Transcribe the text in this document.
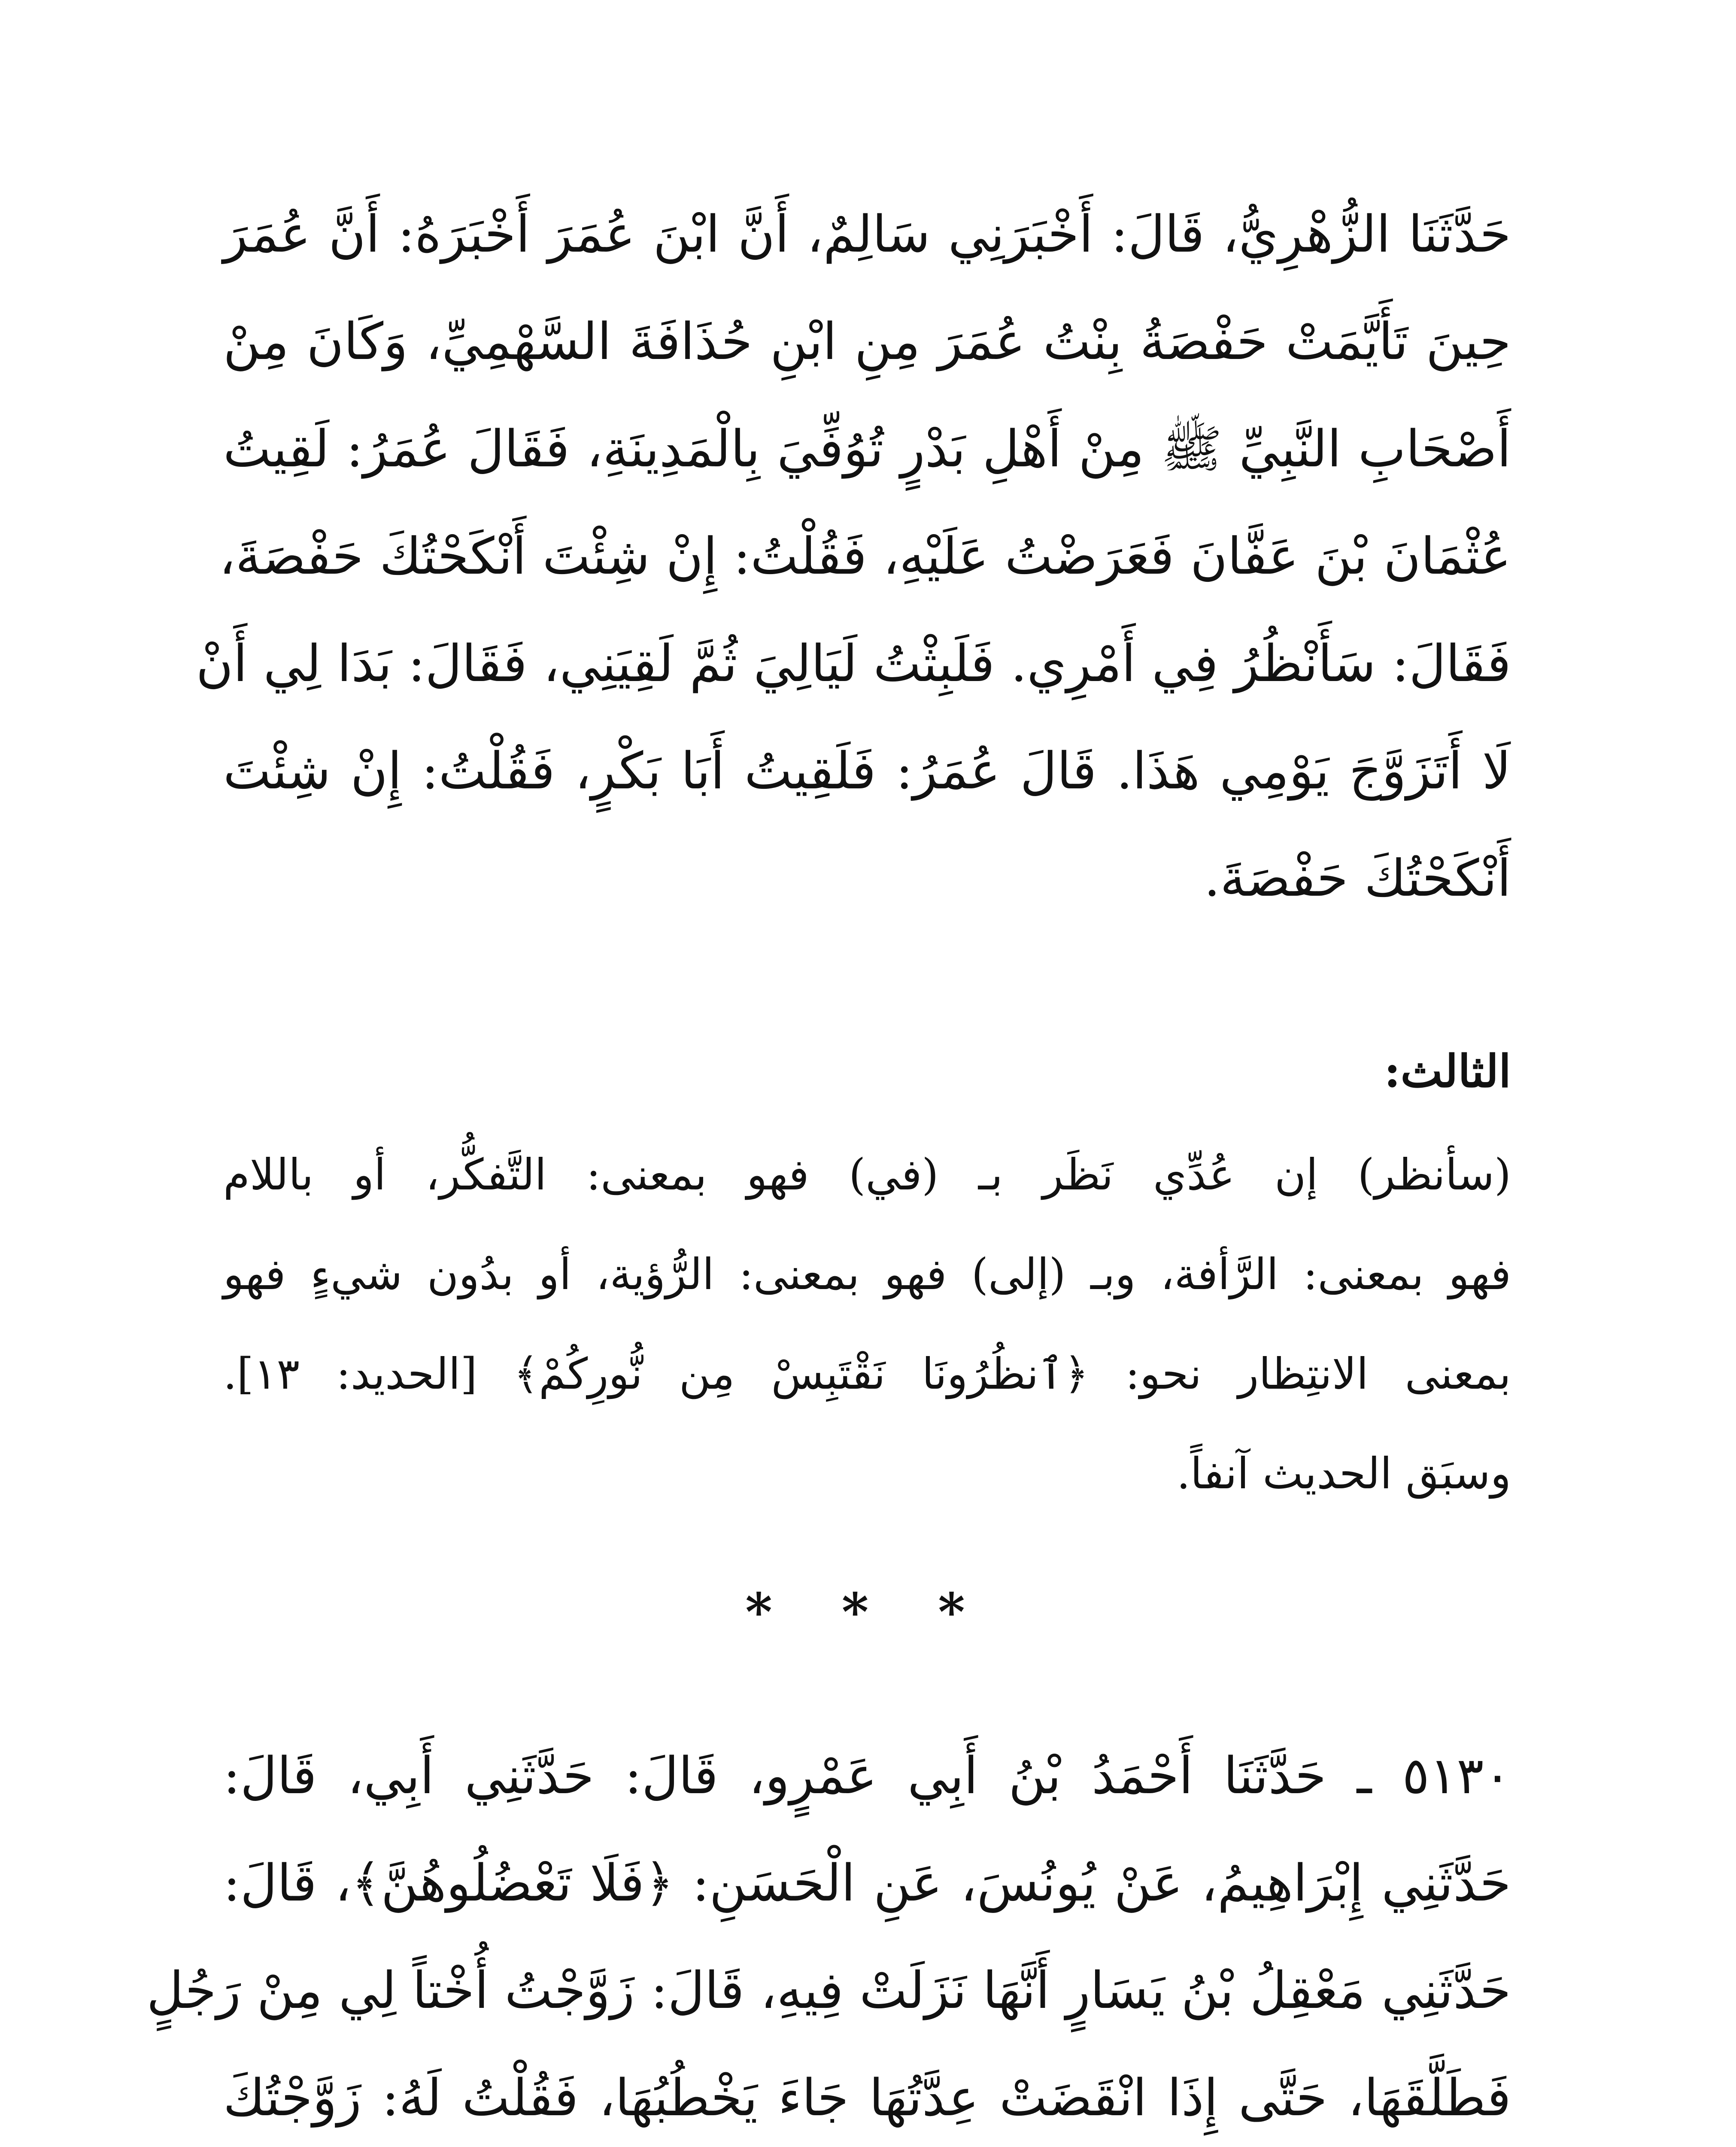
حَدَّثَنَا الزُّهْرِيُّ، قَالَ: أَخْبَرَنِي سَالِمٌ، أَنَّ ابْنَ عُمَرَ أَخْبَرَهُ: أَنَّ عُمَرَ
حِينَ تَأَيَّمَتْ حَفْصَةُ بِنْتُ عُمَرَ مِنِ ابْنِ حُذَافَةَ السَّهْمِيِّ، وَكَانَ مِنْ
أَصْحَابِ النَّبِيِّ ﷺ مِنْ أَهْلِ بَدْرٍ تُوُفِّيَ بِالْمَدِينَةِ، فَقَالَ عُمَرُ: لَقِيتُ
عُثْمَانَ بْنَ عَفَّانَ فَعَرَضْتُ عَلَيْهِ، فَقُلْتُ: إِنْ شِئْتَ أَنْكَحْتُكَ حَفْصَةَ،
فَقَالَ: سَأَنْظُرُ فِي أَمْرِي. فَلَبِثْتُ لَيَالِيَ ثُمَّ لَقِيَنِي، فَقَالَ: بَدَا لِي أَنْ
لَا أَتَزَوَّجَ يَوْمِي هَذَا. قَالَ عُمَرُ: فَلَقِيتُ أَبَا بَكْرٍ، فَقُلْتُ: إِنْ شِئْتَ
أَنْكَحْتُكَ حَفْصَةَ.
الثالث:
(سأنظر) إن عُدِّي نَظَر بـ (في) فهو بمعنى: التَّفكُّر، أو باللام
فهو بمعنى: الرَّأفة، وبـ (إلى) فهو بمعنى: الرُّؤية، أو بدُون شيءٍ فهو
بمعنى الانتِظار نحو: ﴿ٱنظُرُونَا نَقْتَبِسْ مِن نُّورِكُمْ﴾ [الحديد: ١٣].
وسبَق الحديث آنفاً.
* * *
٥١٣٠ ـ حَدَّثَنَا أَحْمَدُ بْنُ أَبِي عَمْرٍو، قَالَ: حَدَّثَنِي أَبِي، قَالَ:
حَدَّثَنِي إِبْرَاهِيمُ، عَنْ يُونُسَ، عَنِ الْحَسَنِ: ﴿فَلَا تَعْضُلُوهُنَّ﴾، قَالَ:
حَدَّثَنِي مَعْقِلُ بْنُ يَسَارٍ أَنَّهَا نَزَلَتْ فِيهِ، قَالَ: زَوَّجْتُ أُخْتاً لِي مِنْ رَجُلٍ
فَطَلَّقَهَا، حَتَّى إِذَا انْقَضَتْ عِدَّتُهَا جَاءَ يَخْطُبُهَا، فَقُلْتُ لَهُ: زَوَّجْتُكَ
